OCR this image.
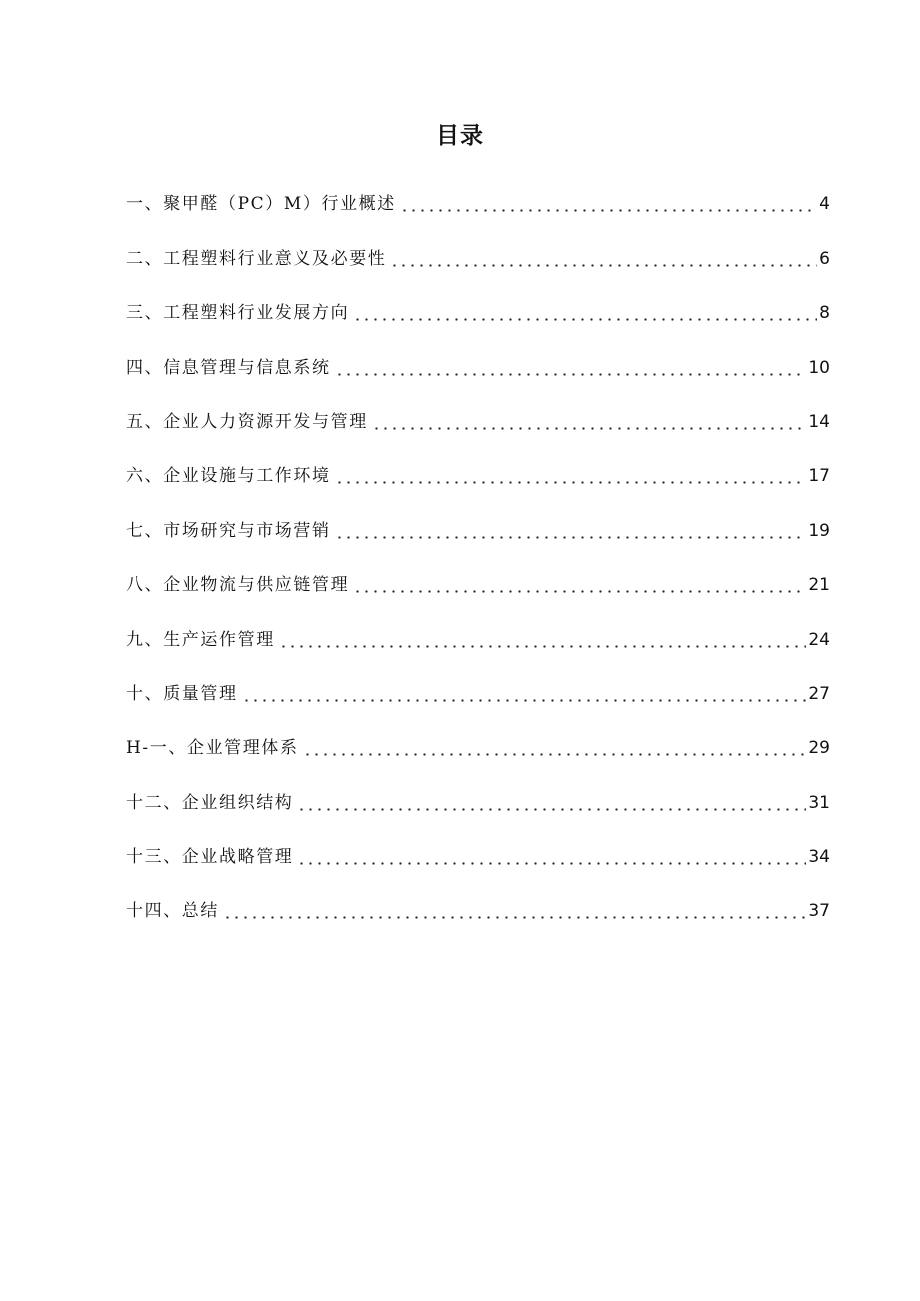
目录
一、聚甲醛（PC）M）行业概述	4
二、工程塑料行业意义及必要性	6
三、工程塑料行业发展方向	8
四、信息管理与信息系统	10
五、企业人力资源开发与管理	14
六、企业设施与工作环境	17
七、市场研究与市场营销	19
八、企业物流与供应链管理	21
九、生产运作管理	24
十、质量管理	27
H-一、企业管理体系	29
十二、企业组织结构	31
十三、企业战略管理	34
十四、总结	37
